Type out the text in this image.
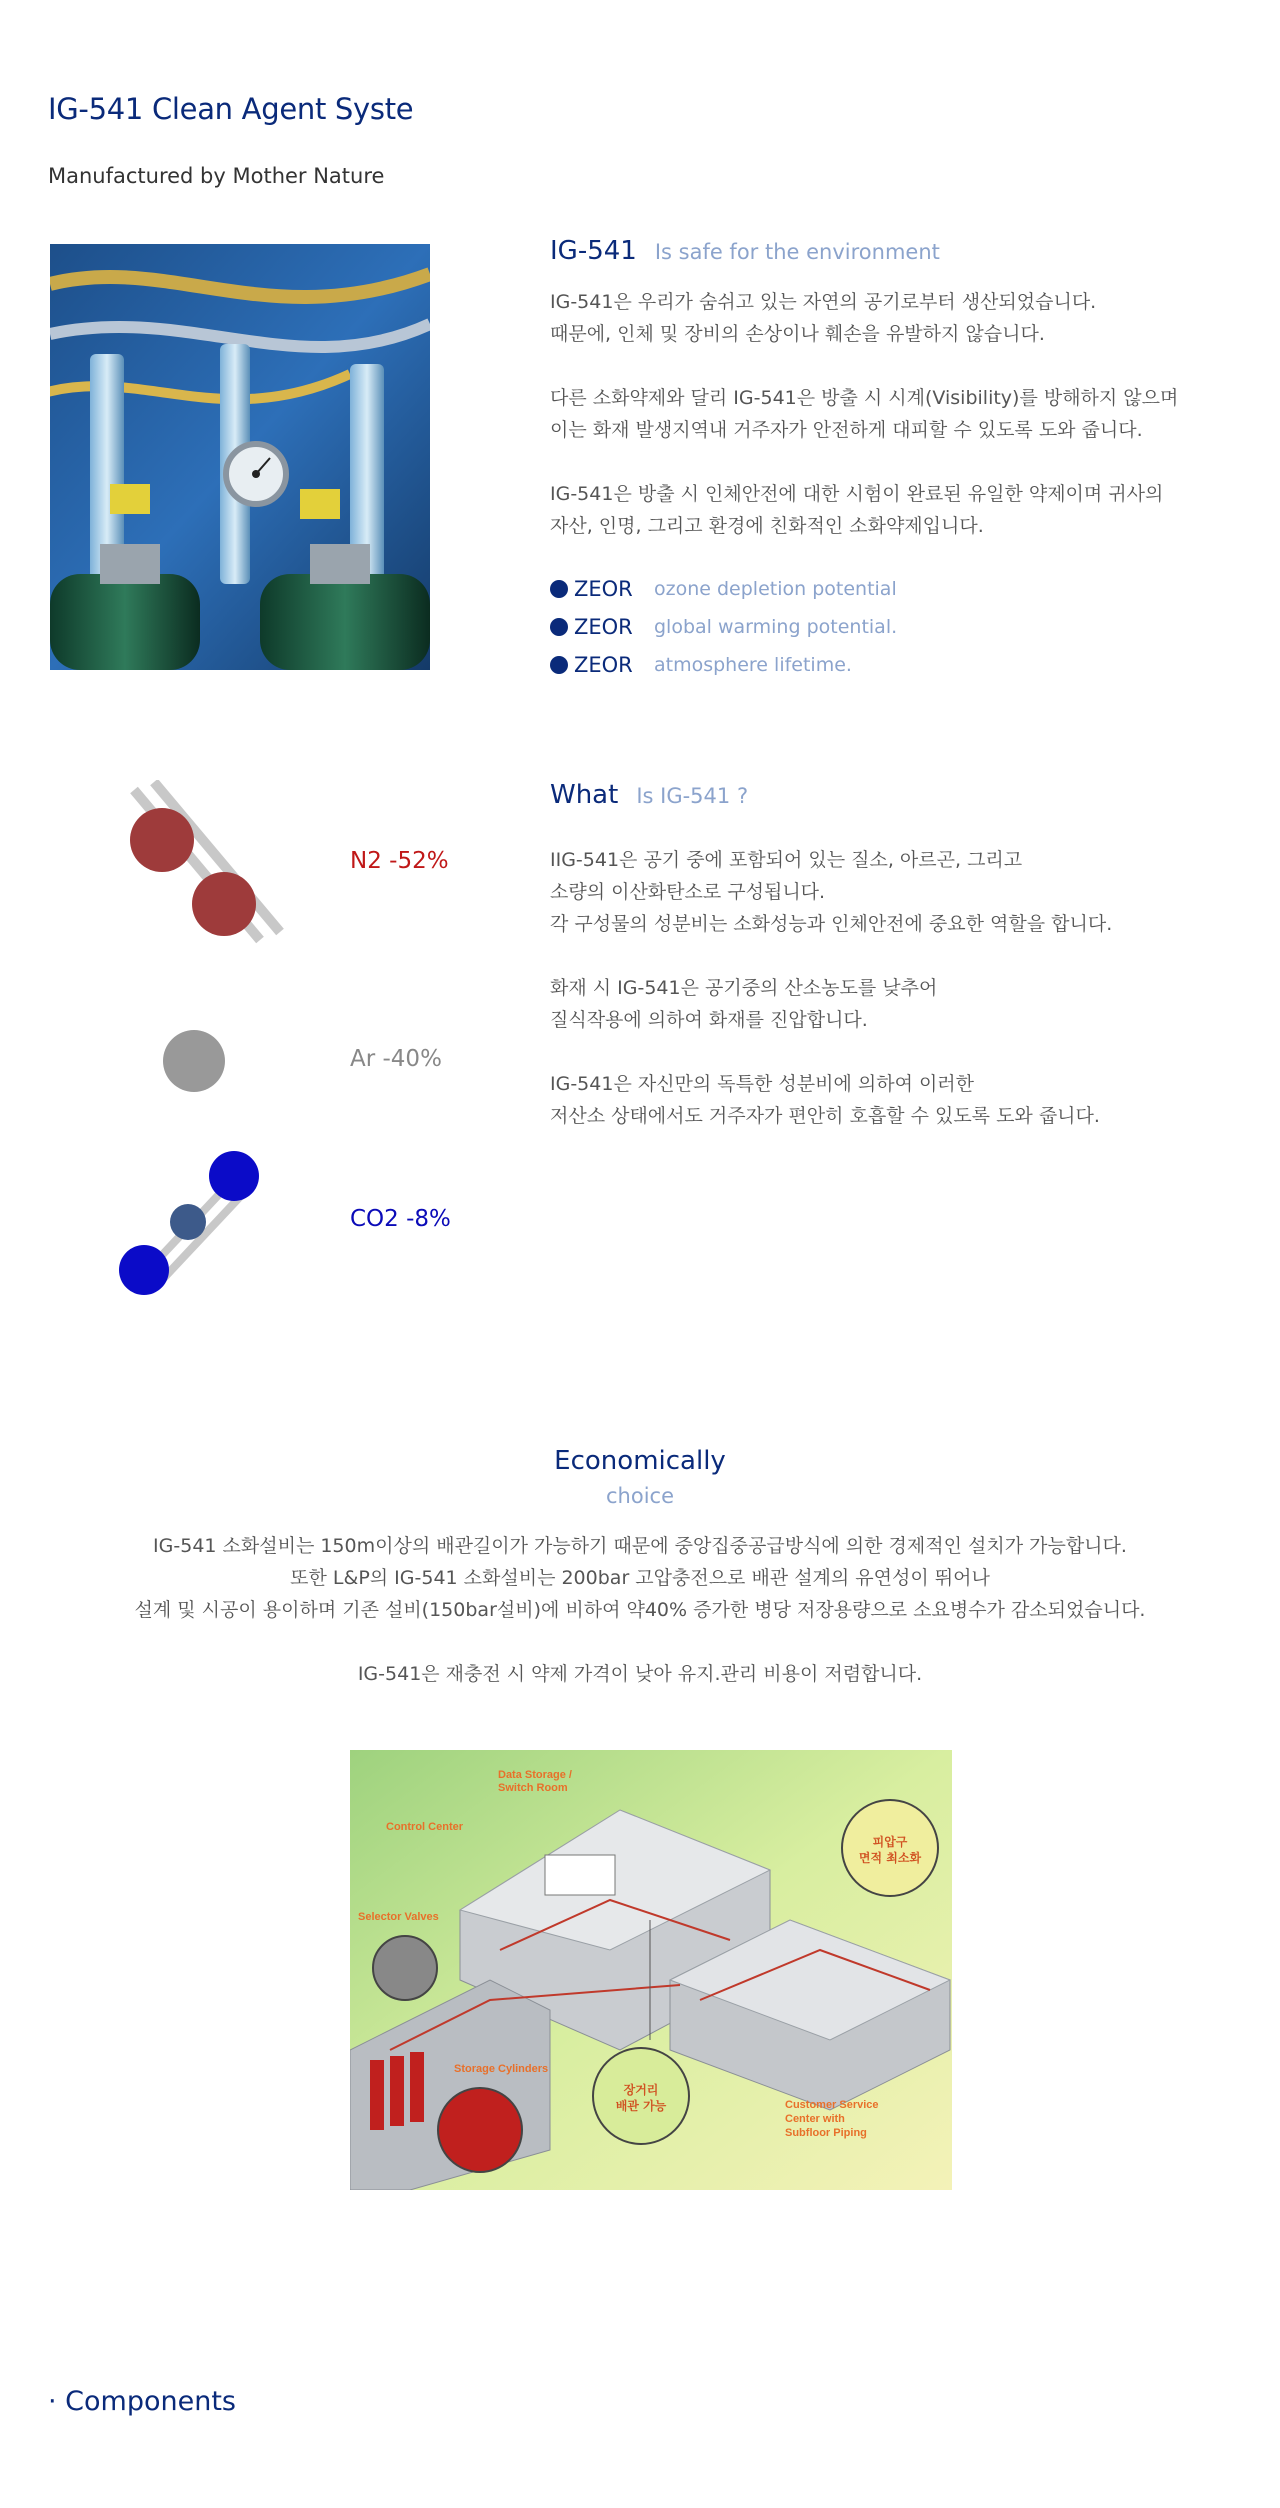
IG-541 Clean Agent Syste
Manufactured by Mother Nature
IG-541 Is safe for the environment

IG-541은 우리가 숨쉬고 있는 자연의 공기로부터 생산되었습니다.
때문에, 인체 및 장비의 손상이나 훼손을 유발하지 않습니다.

다른 소화약제와 달리 IG-541은 방출 시 시계(Visibility)를 방해하지 않으며
이는 화재 발생지역내 거주자가 안전하게 대피할 수 있도록 도와 줍니다.

IG-541은 방출 시 인체안전에 대한 시험이 완료된 유일한 약제이며 귀사의
자산, 인명, 그리고 환경에 친화적인 소화약제입니다.

ZEOR	ozone depletion potential
ZEOR	global warming potential.
ZEOR	atmosphere lifetime.
N2 -52%
Ar -40%
CO2 -8%
What Is IG-541 ?

IIG-541은 공기 중에 포함되어 있는 질소, 아르곤, 그리고
소량의 이산화탄소로 구성됩니다.
각 구성물의 성분비는 소화성능과 인체안전에 중요한 역할을 합니다.

화재 시 IG-541은 공기중의 산소농도를 낮추어
질식작용에 의하여 화재를 진압합니다.

IG-541은 자신만의 독특한 성분비에 의하여 이러한
저산소 상태에서도 거주자가 편안히 호흡할 수 있도록 도와 줍니다.

Economically
choice

IG-541 소화설비는 150m이상의 배관길이가 가능하기 때문에 중앙집중공급방식에 의한 경제적인 설치가 가능합니다.
또한 L&P의 IG-541 소화설비는 200bar 고압충전으로 배관 설계의 유연성이 뛰어나
설계 및 시공이 용이하며 기존 설비(150bar설비)에 비하여 약40% 증가한 병당 저장용량으로 소요병수가 감소되었습니다.

IG-541은 재충전 시 약제 가격이 낮아 유지.관리 비용이 저렴합니다.

Data Storage /
Switch Room
Control Center
Selector Valves
Storage Cylinders
Customer Service
Center with
Subfloor Piping
피압구
면적 최소화
장거리
배관 가능
· Components
